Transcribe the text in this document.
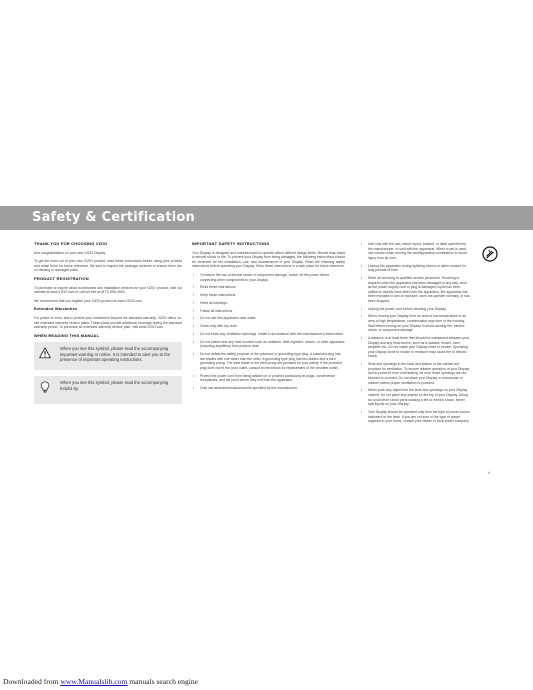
Safety & Certification
THANK YOU FOR CHOOSING VIZIO
And congratulations on your new VIZIO Display.
To get the most out of your new VIZIO product, read these instructions before using your product and retain them for future reference. Be sure to inspect the package contents to ensure there are no missing or damaged parts.
PRODUCT REGISTRATION
To purchase or inquire about accessories and installation services for your VIZIO product, visit our website at www.VIZIO.com or call toll free at (877) 698-4946.
We recommend that you register your VIZIO product at www.VIZIO.com
Extended Warranties
For peace of mind, and to protect your investment beyond the standard warranty, VIZIO offers on-site extended warranty service plans. These plans provide additional coverage during the standard warranty period. To purchase an extended warranty service plan, visit www.VIZIO.com.
WHEN READING THIS MANUAL
When you see this symbol, please read the accompanying important warning or notice. It is intended to alert you to the presence of important operating instructions.
When you see this symbol, please read the accompanying helpful tip.
IMPORTANT SAFETY INSTRUCTIONS
Your Display is designed and manufactured to operate within defined design limits. Misuse may result in electric shock or fire. To prevent your Display from being damaged, the following instructions should be observed for the installation, use, and maintenance of your Display. Read the following safety instructions before operating your Display. Keep these instructions in a safe place for future reference.
• To reduce the risk of electric shock or component damage, switch off the power before connecting other components to your Display.
• Read these instructions.
• Keep these instructions.
• Heed all warnings.
• Follow all instructions.
• Do not use this apparatus near water.
• Clean only with dry cloth.
• Do not block any ventilation openings. Install in accordance with the manufacturer's instructions.
• Do not install near any heat sources such as radiators, heat registers, stoves, or other apparatus (including amplifiers) that produce heat.
• Do not defeat the safety purpose of the polarized or grounding-type plug. A polarized plug has two blades with one wider than the other. A grounding type plug has two blades and a third grounding prong. The wide blade or the third prong are provided for your safety. If the provided plug does not fit into your outlet, consult an electrician for replacement of the obsolete outlet.
• Protect the power cord from being walked on or pinched particularly at plugs, convenience receptacles, and the point where they exit from the apparatus.
• Only use attachments/accessories specified by the manufacturer.
• Use only with the cart, stand, tripod, bracket, or table specified by the manufacturer, or sold with the apparatus. When a cart is used, use caution when moving the cart/apparatus combination to avoid injury from tip-over.
• Unplug this apparatus during lightning storms or when unused for long periods of time.
• Refer all servicing to qualified service personnel. Servicing is required when the apparatus has been damaged in any way, such as the power-supply cord or plug is damaged, liquid has been spilled or objects have fallen into the apparatus, the apparatus has been exposed to rain or moisture, does not operate normally, or has been dropped.
• Unplug the power cord before cleaning your Display.
• When moving your Display from an area of low temperature to an area of high temperature, condensation may form in the housing. Wait before turning on your Display to avoid causing fire, electric shock, or component damage.
• A distance of at least three feet should be maintained between your Display and any heat source, such as a radiator, heater, oven, amplifier etc. Do not install your Display close to smoke. Operating your Display close to smoke or moisture may cause fire or electric shock.
• Slots and openings in the back and bottom of the cabinet are provided for ventilation. To ensure reliable operation of your Display and to protect it from overheating, be sure these openings are not blocked or covered. Do not place your Display in a bookcase or cabinet unless proper ventilation is provided.
• Never push any object into the slots and openings on your Display cabinet. Do not place any objects on the top of your Display. Doing so could short circuit parts causing a fire or electric shock. Never spill liquids on your Display.
• Your Display should be operated only from the type of power source indicated on the label. If you are not sure of the type of power supplied to your home, consult your dealer or local power company.
ii
Downloaded from www.Manualslib.com manuals search engine
